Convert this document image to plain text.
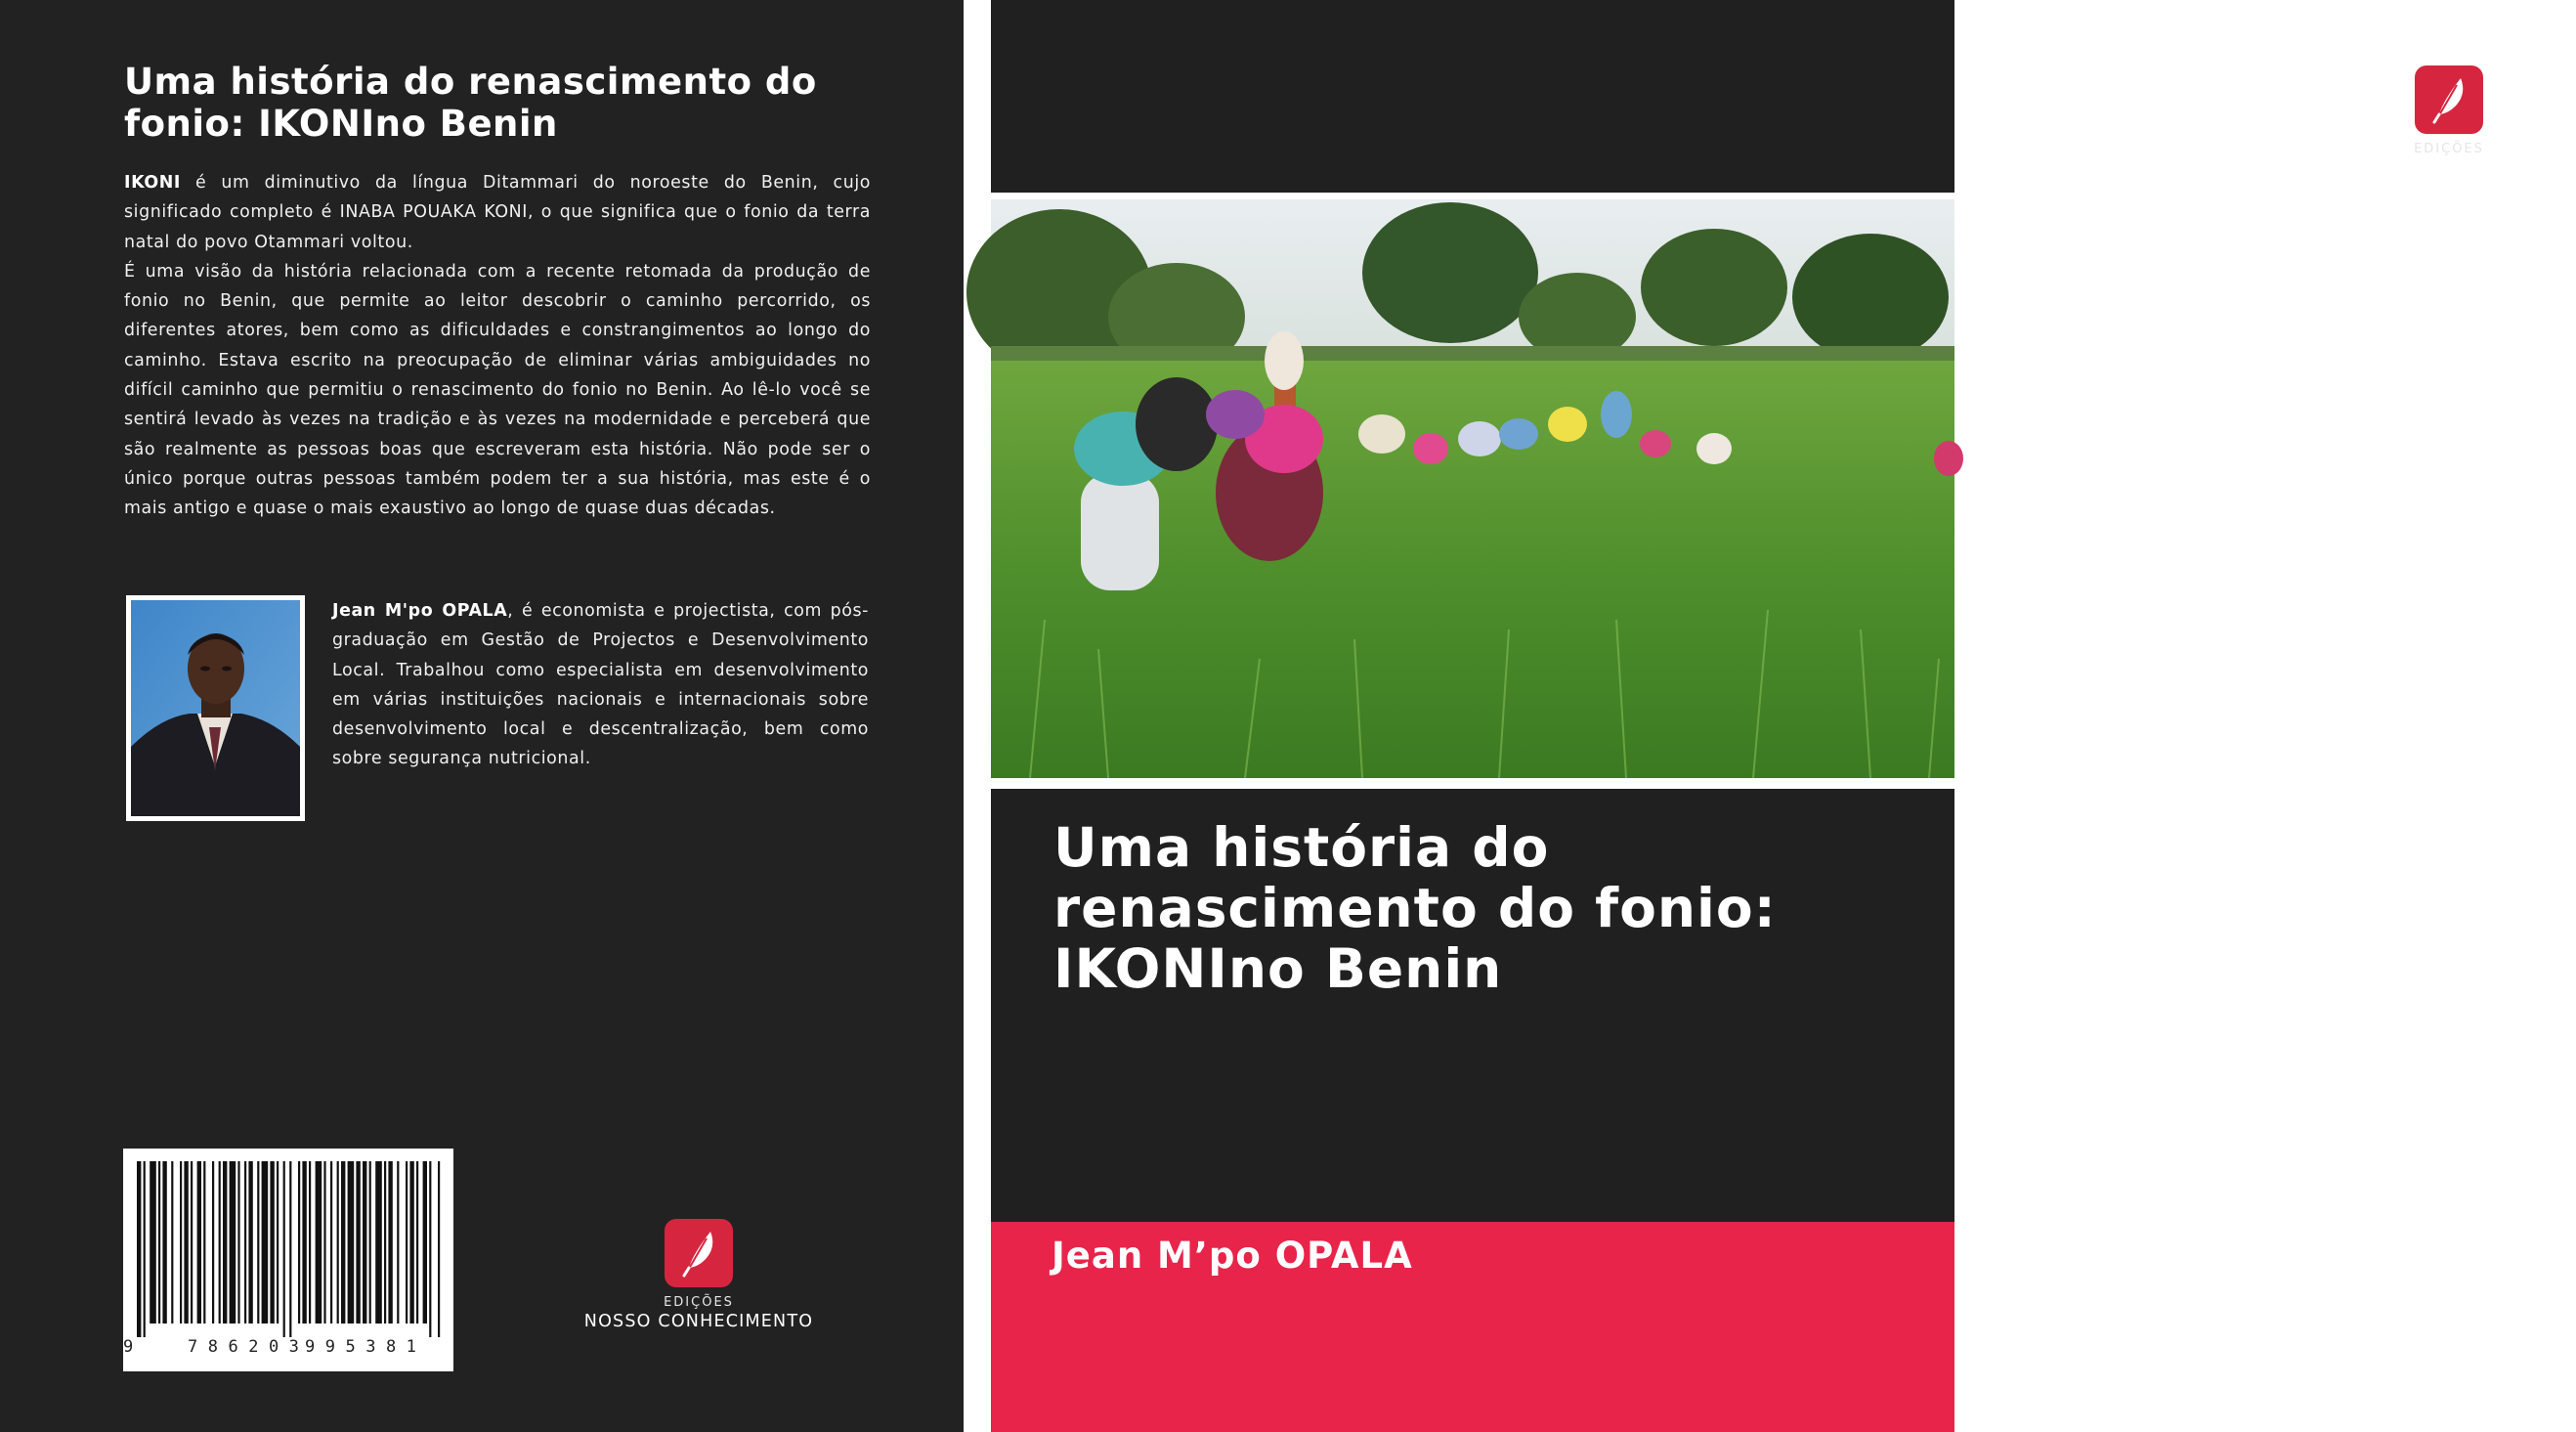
Uma história do renascimento do fonio: IKONIno Benin

IKONI é um diminutivo da língua Ditammari do noroeste do Benin, cujo significado completo é INABA POUAKA KONI, o que significa que o fonio da terra natal do povo Otammari voltou.
É uma visão da história relacionada com a recente retomada da produção de fonio no Benin, que permite ao leitor descobrir o caminho percorrido, os diferentes atores, bem como as dificuldades e constrangimentos ao longo do caminho. Estava escrito na preocupação de eliminar várias ambiguidades no difícil caminho que permitiu o renascimento do fonio no Benin. Ao lê-lo você se sentirá levado às vezes na tradição e às vezes na modernidade e perceberá que são realmente as pessoas boas que escreveram esta história. Não pode ser o único porque outras pessoas também podem ter a sua história, mas este é o mais antigo e quase o mais exaustivo ao longo de quase duas décadas.

Jean M'po OPALA, é economista e projectista, com pós-graduação em Gestão de Projectos e Desenvolvimento Local. Trabalhou como especialista em desenvolvimento em várias instituições nacionais e internacionais sobre desenvolvimento local e descentralização, bem como sobre segurança nutricional.

9	786203
995381
EDIÇÕES
NOSSO CONHECIMENTO
EDIÇÕES
NOSSO CONHECIMENTO
Uma história do renascimento do fonio: IKONIno Benin

Jean M’po OPALA
